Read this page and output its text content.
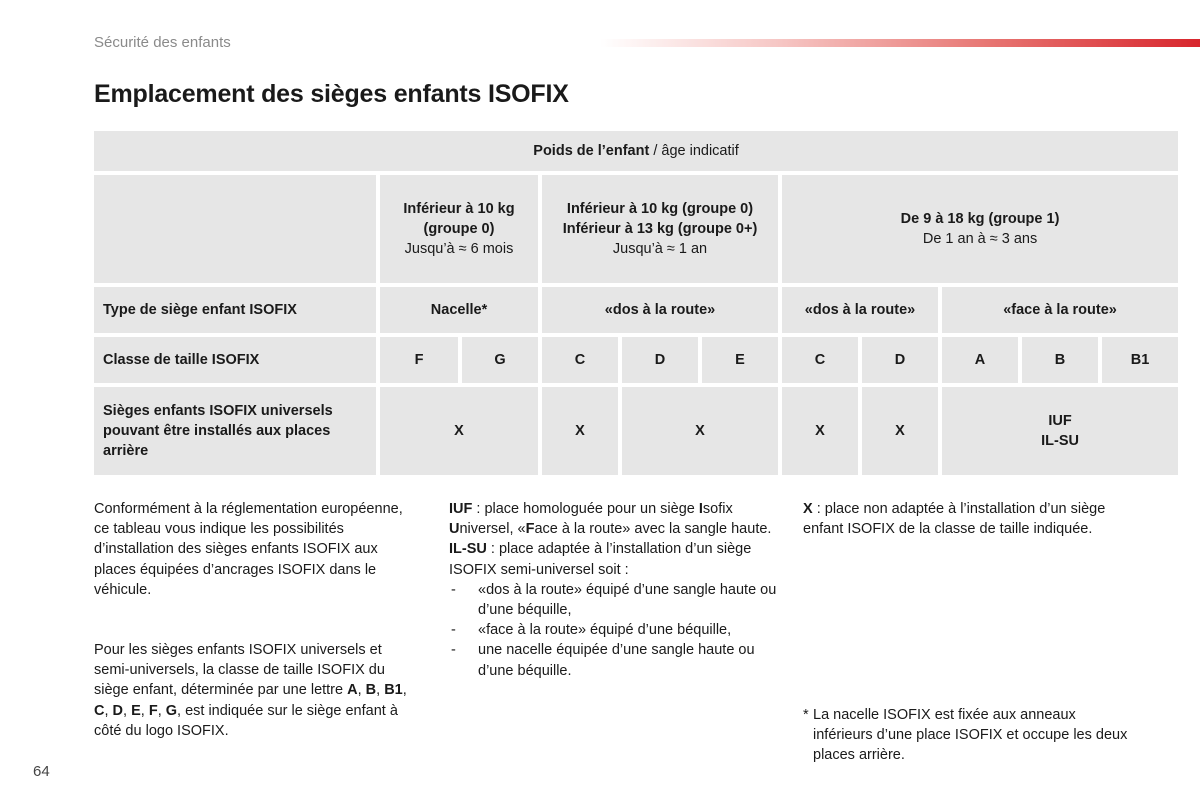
Sécurité des enfants
Emplacement des sièges enfants ISOFIX
Poids de l’enfant / âge indicatif										

	Inférieur à 10 kg
(groupe 0)
Jusqu’à ≈ 6 mois		Inférieur à 10 kg (groupe 0)
Inférieur à 13 kg (groupe 0+)
Jusqu’à ≈ 1 an			De 9 à 18 kg (groupe 1)
De 1 an à ≈ 3 ans				

Type de siège enfant ISOFIX	Nacelle*		«dos à la route»			«dos à la route»		«face à la route»		

Classe de taille ISOFIX	F	G	C	D	E	C	D	A	B	B1

Sièges enfants ISOFIX universels pouvant être installés aux places arrière	X		X	X		X	X	IUF
IL-SU		

Conformément à la réglementation européenne, ce tableau vous indique les possibilités d’installation des sièges enfants ISOFIX aux places équipées d’ancrages ISOFIX dans le véhicule.

Pour les sièges enfants ISOFIX universels et semi-universels, la classe de taille ISOFIX du siège enfant, déterminée par une lettre A, B, B1, C, D, E, F, G, est indiquée sur le siège enfant à côté du logo ISOFIX.

IUF : place homologuée pour un siège Isofix Universel, «Face à la route» avec la sangle haute.

IL-SU : place adaptée à l’installation d’un siège ISOFIX semi-universel soit :

- «dos à la route» équipé d’une sangle haute ou d’une béquille,
- «face à la route» équipé d’une béquille,
- une nacelle équipée d’une sangle haute ou d’une béquille.

X : place non adaptée à l’installation d’un siège enfant ISOFIX de la classe de taille indiquée.

* La nacelle ISOFIX est fixée aux anneaux inférieurs d’une place ISOFIX et occupe les deux places arrière.
64
